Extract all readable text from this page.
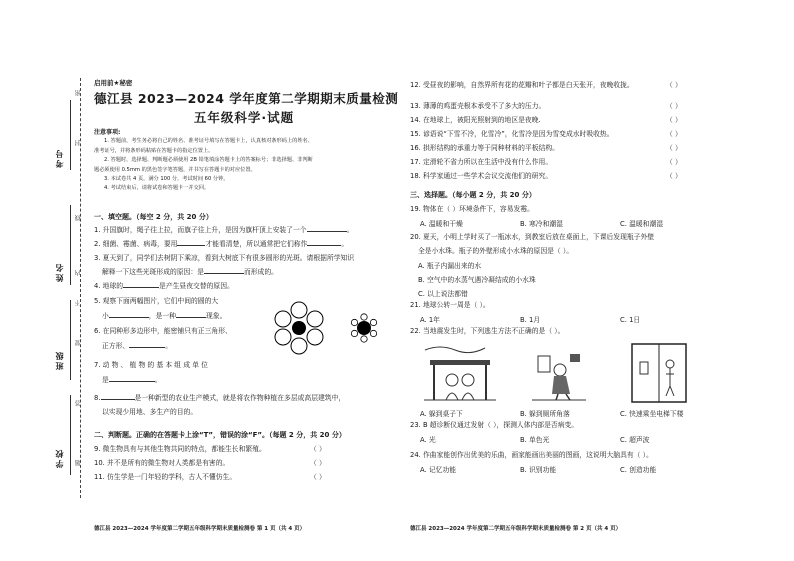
考号
姓名
班级
学校
密
封
线
内
不
要
答
题
启用前★秘密
德江县 2023—2024 学年度第二学期期末质量检测
五年级科学·试题

注意事项:

1. 答题前，考生务必将自己的姓名、准考证号填写在答题卡上，认真核对条形码上的姓名、

准考证号，并将条形码粘贴在答题卡的指定位置上。

2. 答题时，选择题、判断题必须使用 2B 铅笔填涂答题卡上的答案标号；非选择题、非判断

题必须使用 0.5mm 的黑色签字笔答题，并书写在答题卡的对应位置。

3. 本试卷共 4 页，满分 100 分，考试时间 60 分钟。

4. 考试结束后，请将试卷和答题卡一并交回。

一、填空题。（每空 2 分，共 20 分）
1. 升国旗时，绳子往上拉，而旗子往上升，是因为旗杆顶上安装了一个	。
2. 细菌、霉菌、病毒，要用	才能看清楚，所以通常把它们称作	。
3. 夏天到了，同学们去树阴下乘凉，看到大树底下有很多圆形的光斑。请根据所学知识
解释一下这些光斑形成的原因：是	而形成的。
4. 地球的	是产生昼夜交替的原因。
5. 观察下面两幅图片，它们中间的圆的大
小	，是一种	现象。
6. 在同种形多边形中，能密铺只有正三角形、
正方形、	。
7. 动 物 、 植 物 的 基 本 组 成 单 位
是	。
8.	是一种新型的农业生产模式，就是将农作物种植在多层或高层建筑中，
以实现少用地、多生产的目的。
二、判断题。正确的在答题卡上涂“T”，错误的涂“F”。（每题 2 分，共 20 分）
9. 微生物具有与其他生物共同的特点，都能生长和繁殖。	（ ）
10. 并不是所有的微生物对人类都是有害的。	（ ）
11. 仿生学是一门年轻的学科，古人不懂仿生。	（ ）
德江县 2023—2024 学年度第二学期五年级科学期末质量检测卷 第 1 页（共 4 页）
12. 受昼夜的影响，自然界所有花的花瓣和叶子都是白天张开，夜晚收拢。	（ ）
13. 薄薄的鸡蛋壳根本承受不了多大的压力。	（ ）
14. 在地球上，被阳光照射到的地区是夜晚.	（ ）
15. 谚语说“下雪不冷，化雪冷”，化雪冷是因为雪变成水时吸收热。	（ ）
16. 拱形结构的承重力等于同种材料的平板结构。	（ ）
17. 定滑轮不省力所以在生活中没有什么作用。	（ ）
18. 科学家通过一些学术会议交流他们的研究。	（ ）
三、选择题。（每小题 2 分，共 20 分）
19. 物体在（ ）环境条件下，容易发霉。
A. 温暖和干燥	B. 寒冷和潮湿	C. 温暖和潮湿
20. 夏天，小明上学时买了一瓶冰水，到教室后放在桌面上，下课后发现瓶子外壁
全是小水珠。瓶子的外壁形成小水珠的原因是（ ）。
A. 瓶子内漏出来的水
B. 空气中的水蒸气遇冷凝结成的小水珠
C. 以上说法都错
21. 地球公转一周是（ ）。
A. 1年	B. 1月	C. 1日
22. 当地震发生时，下列逃生方法不正确的是（ ）。
A. 躲到桌子下	B. 躲到厕所角落	C. 快速乘坐电梯下楼
23. B 超诊断仪通过发射（ ），探测人体内部是否病变。
A. 光	B. 单色光	C. 超声波
24. 作曲家能创作出优美的乐曲，画家能画出美丽的图画，这说明大脑具有（ ）。
A. 记忆功能	B. 识别功能	C. 创造功能
德江县 2023—2024 学年度第二学期五年级科学期末质量检测卷 第 2 页（共 4 页）
